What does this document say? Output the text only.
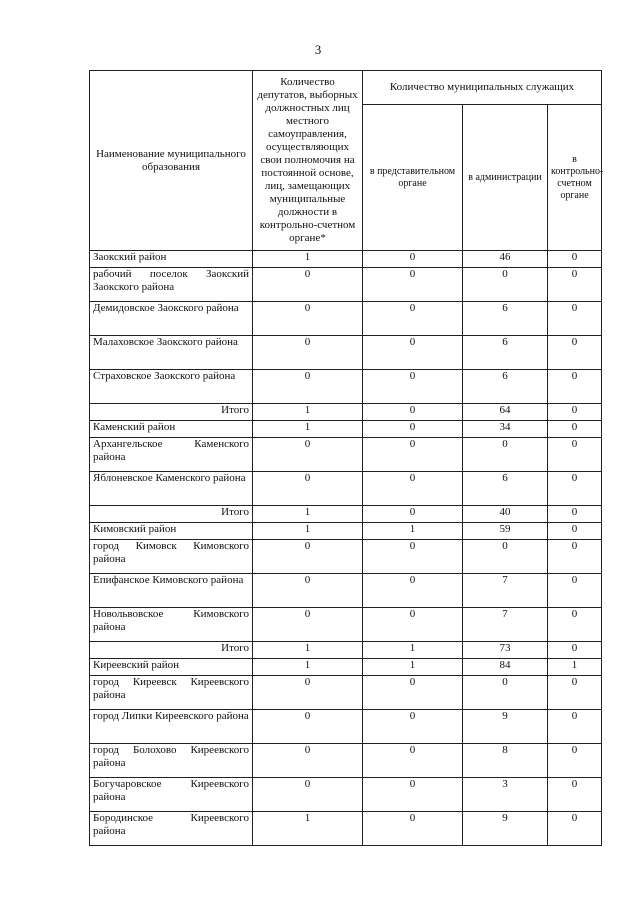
3
Наименование муниципального образования	Количество депутатов, выборных должностных лиц местного самоуправления, осуществляющих свои полномочия на постоянной основе, лиц, замещающих муниципальные должности в контрольно-счетном органе*	Количество муниципальных служащих		
		в представительном органе	в администрации	в контрольно-счетном органе
Заокский район	1	0	46	0
рабочий поселок Заокский Заокского района	0	0	0	0
Демидовское Заокского района	0	0	6	0
Малаховское Заокского района	0	0	6	0
Страховское Заокского района	0	0	6	0
Итого	1	0	64	0
Каменский район	1	0	34	0
Архангельское Каменского района	0	0	0	0
Яблоневское Каменского района	0	0	6	0
Итого	1	0	40	0
Кимовский район	1	1	59	0
город Кимовск Кимовского района	0	0	0	0
Епифанское Кимовского района	0	0	7	0
Новольвовское Кимовского района	0	0	7	0
Итого	1	1	73	0
Киреевский район	1	1	84	1
город Киреевск Киреевского района	0	0	0	0
город Липки Киреевского района	0	0	9	0
город Болохово Киреевского района	0	0	8	0
Богучаровское Киреевского района	0	0	3	0
Бородинское Киреевского района	1	0	9	0
